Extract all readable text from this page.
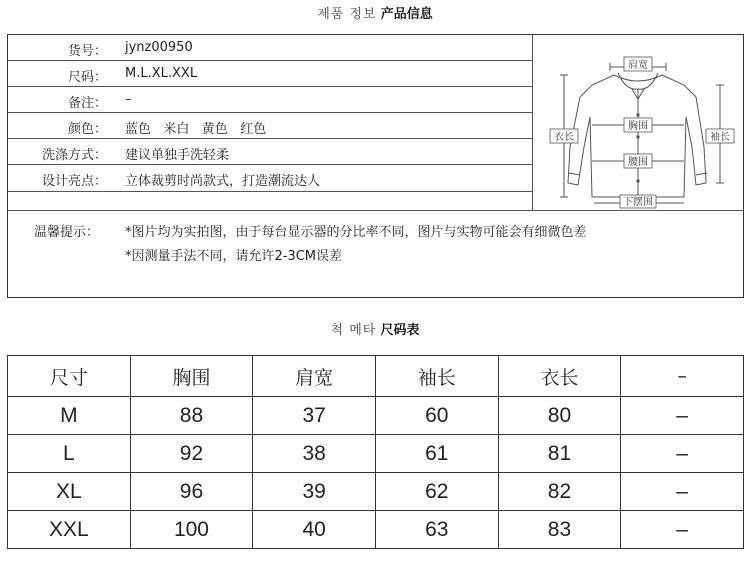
제품 정보 产品信息
货号： jynz00950
尺码： M.L.XL.XXL
备注： –
颜色： 蓝色   米白   黄色   红色
洗涤方式： 建议单独手洗轻柔
设计亮点： 立体裁剪时尚款式，打造潮流达人
肩宽
衣长
胸围
袖长
腰围
下摆围
温馨提示： *图片均为实拍图，由于每台显示器的分比率不同，图片与实物可能会有细微色差
*因测量手法不同，请允许2-3CM误差
척 메타 尺码表
尺寸	胸围	肩宽	袖长	衣长	–
M	88	37	60	80	–
L	92	38	61	81	–
XL	96	39	62	82	–
XXL	100	40	63	83	–
